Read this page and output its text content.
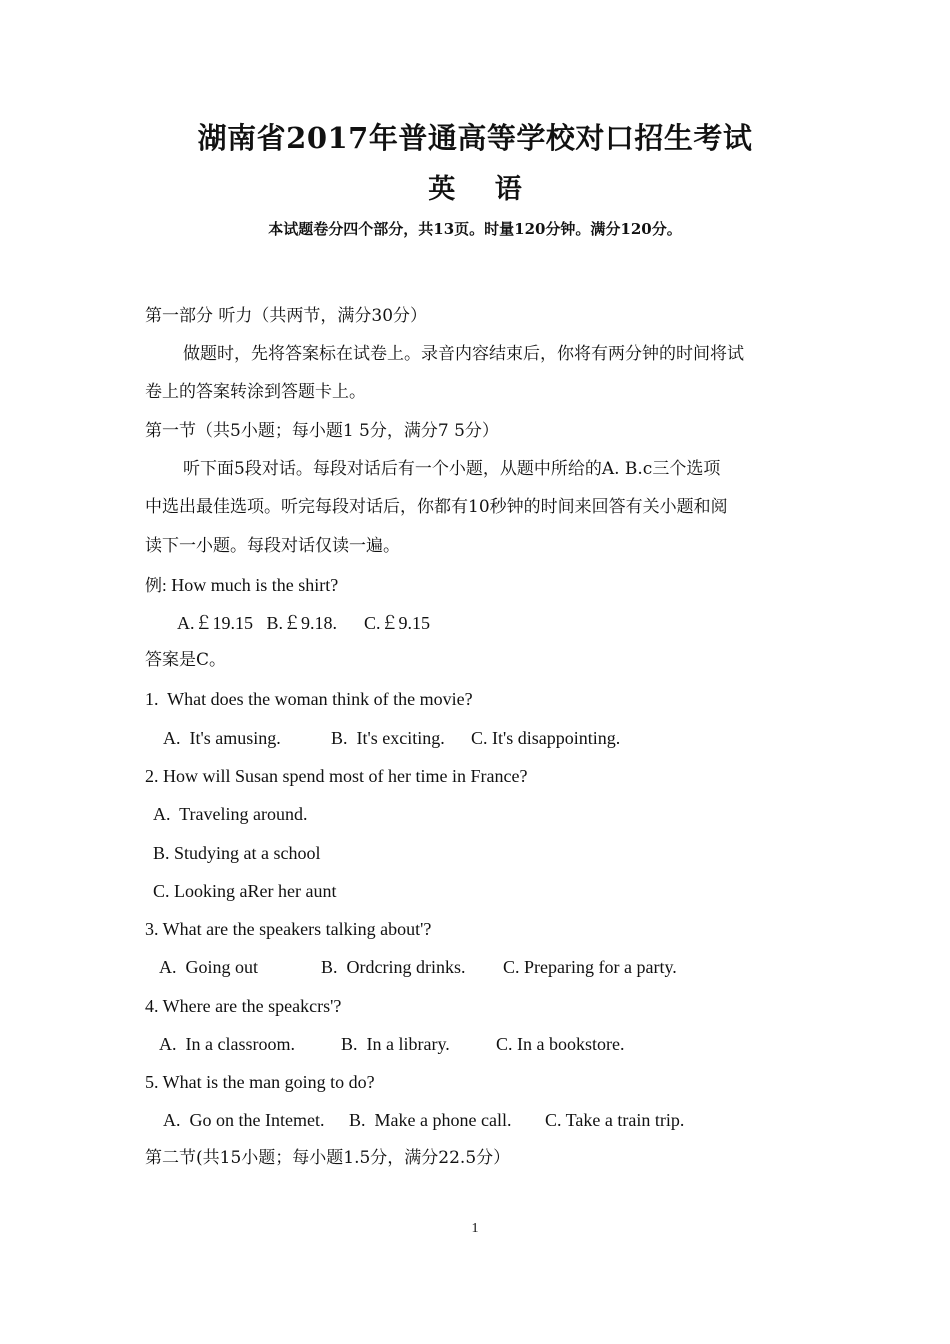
湖南省2017年普通高等学校对口招生考试
英 语
本试题卷分四个部分，共13页。时量120分钟。满分120分。
第一部分 听力（共两节，满分30分）
做题时，先将答案标在试卷上。录音内容结束后，你将有两分钟的时间将试
卷上的答案转涂到答题卡上。
第一节（共5小题；每小题1 5分，满分7 5分）
听下面5段对话。每段对话后有一个小题，从题中所给的A. B.c三个选项
中选出最佳选项。听完每段对话后，你都有10秒钟的时间来回答有关小题和阅
读下一小题。每段对话仅读一遍。
例: How much is the shirt?
A.￡19.15   B.￡9.18.      C.￡9.15
答案是C。
1.  What does the woman think of the movie?
A.  It's amusing.	B.  It's exciting. C. It's disappointing.
2. How will Susan spend most of her time in France?
A.  Traveling around.
B. Studying at a school
C. Looking aRer her aunt
3. What are the speakers talking about'?
A.  Going out	B.  Ordcring drinks. C. Preparing for a party.
4. Where are the speakcrs'?
A.  In a classroom.	B.  In a library.	C. In a bookstore.
5. What is the man going to do?
A.  Go on the Intemet. B.  Make a phone call. C. Take a train trip.
第二节(共15小题；每小题1.5分，满分22.5分）
1
